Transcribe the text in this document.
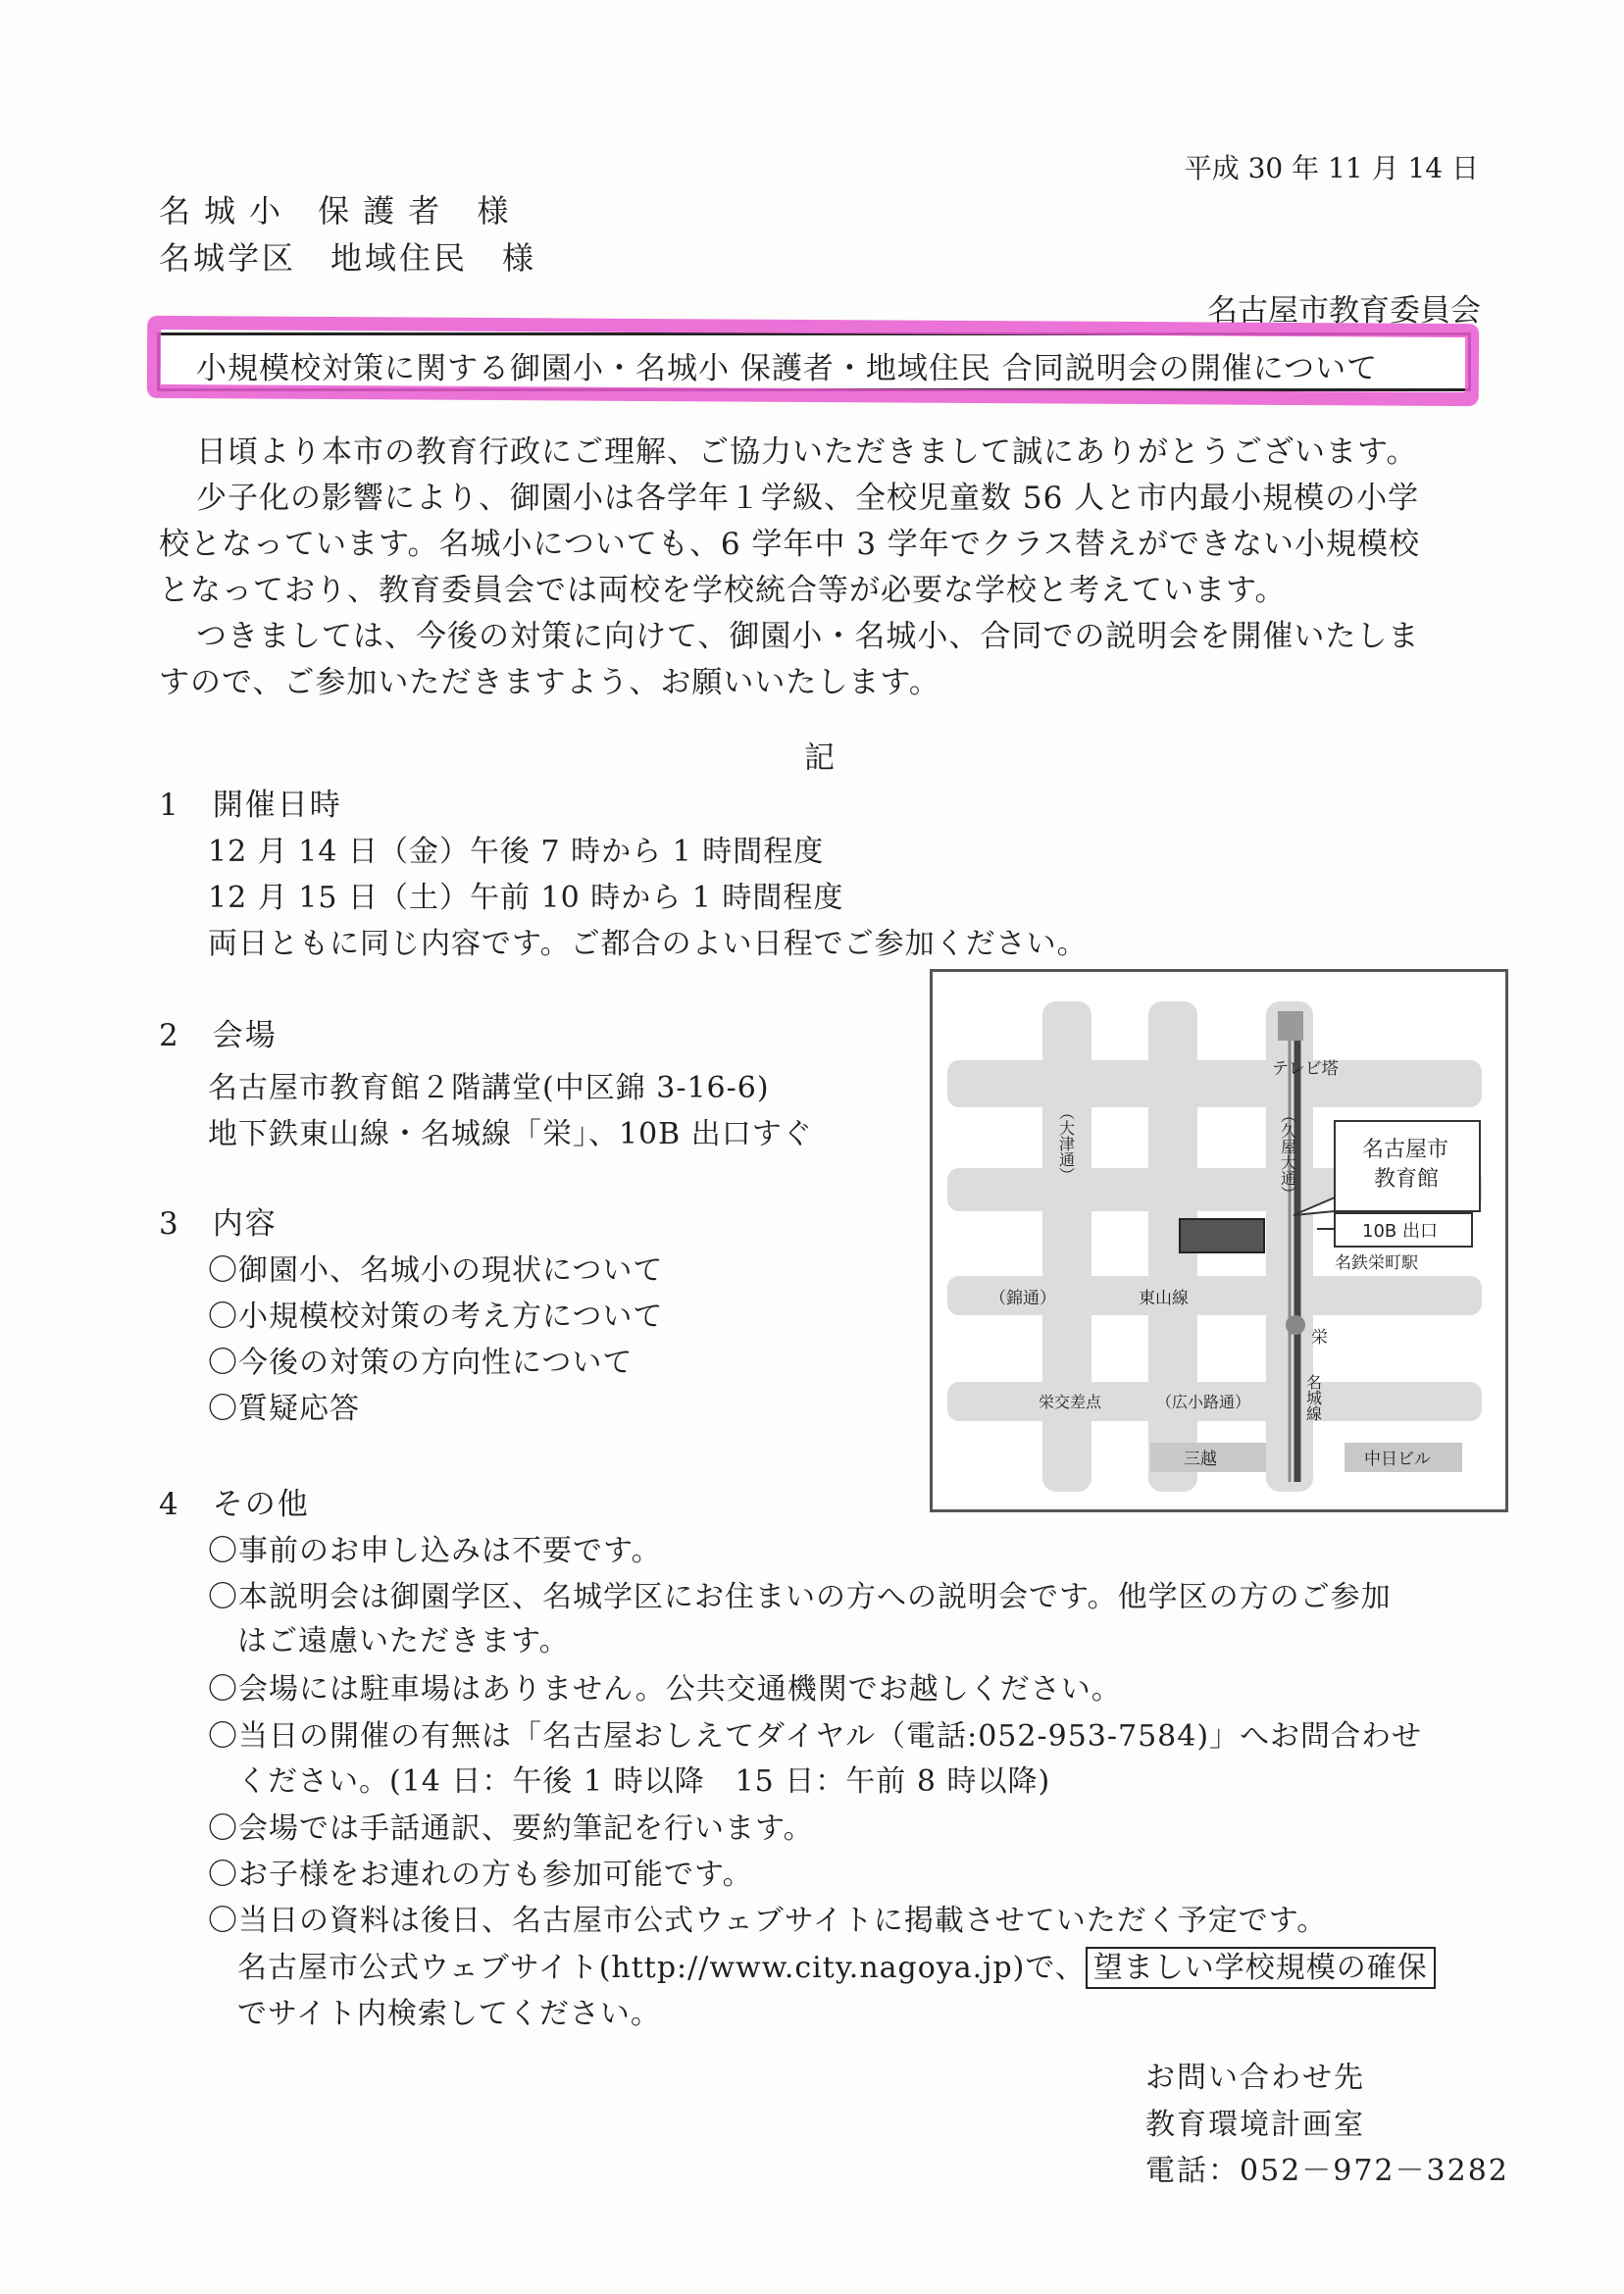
平成 30 年 11 月 14 日
名城小 保護者 様
名城学区　地域住民　様
名古屋市教育委員会
小規模校対策に関する御園小・名城小 保護者・地域住民 合同説明会の開催について
日頃より本市の教育行政にご理解、ご協力いただきまして誠にありがとうございます。
少子化の影響により、御園小は各学年１学級、全校児童数 56 人と市内最小規模の小学
校となっています。名城小についても、6 学年中 3 学年でクラス替えができない小規模校
となっており、教育委員会では両校を学校統合等が必要な学校と考えています。
つきましては、今後の対策に向けて、御園小・名城小、合同での説明会を開催いたしま
すので、ご参加いただきますよう、お願いいたします。
記
1　開催日時
12 月 14 日（金）午後 7 時から 1 時間程度
12 月 15 日（土）午前 10 時から 1 時間程度
両日ともに同じ内容です。ご都合のよい日程でご参加ください。
2　会場
名古屋市教育館２階講堂(中区錦 3-16-6)
地下鉄東山線・名城線「栄」、10B 出口すぐ
3　内容
〇御園小、名城小の現状について
〇小規模校対策の考え方について
〇今後の対策の方向性について
〇質疑応答
テレビ塔
（大津通）	（久屋大通）	名古屋市
教育館
10B 出口
名鉄栄町駅
（錦通）	東山線
栄
名城線
栄交差点	（広小路通）
三越	中日ビル
4　その他
〇事前のお申し込みは不要です。
〇本説明会は御園学区、名城学区にお住まいの方への説明会です。他学区の方のご参加
はご遠慮いただきます。
〇会場には駐車場はありません。公共交通機関でお越しください。
〇当日の開催の有無は「名古屋おしえてダイヤル（電話:052-953-7584)」へお問合わせ
ください。(14 日：午後 1 時以降　15 日：午前 8 時以降)
〇会場では手話通訳、要約筆記を行います。
〇お子様をお連れの方も参加可能です。
〇当日の資料は後日、名古屋市公式ウェブサイトに掲載させていただく予定です。
名古屋市公式ウェブサイト(http://www.city.nagoya.jp)で、 望ましい学校規模の確保
でサイト内検索してください。
お問い合わせ先
教育環境計画室
電話：052－972－3282
